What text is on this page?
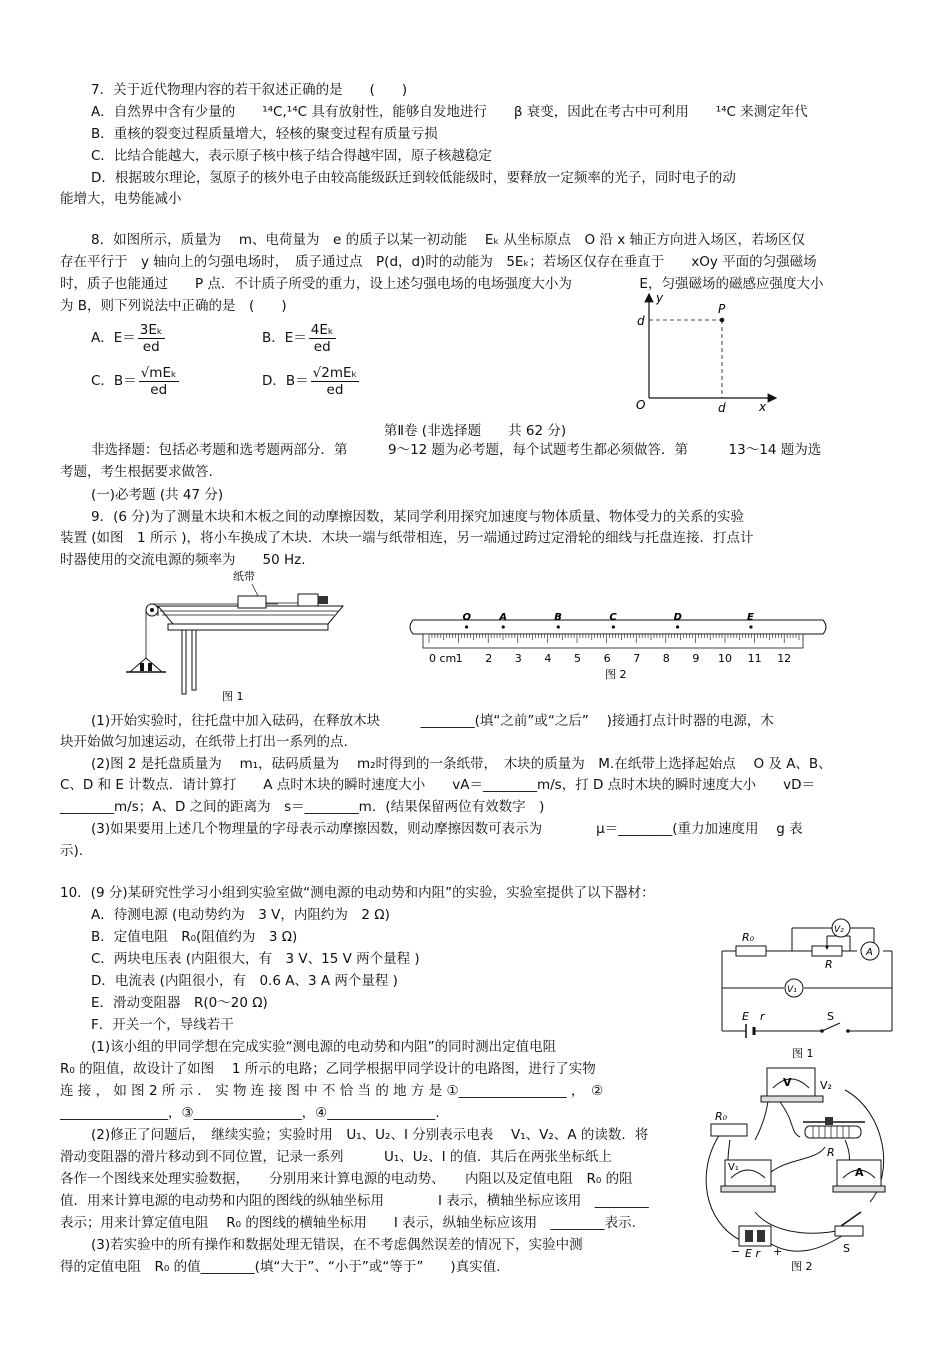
7．关于近代物理内容的若干叙述正确的是　　(　　)
A．自然界中含有少量的　　¹⁴C,¹⁴C 具有放射性，能够自发地进行　　β 衰变，因此在考古中可利用　　¹⁴C 来测定年代
B．重核的裂变过程质量增大，轻核的聚变过程有质量亏损
C．比结合能越大，表示原子核中核子结合得越牢固，原子核越稳定
D．根据玻尔理论，氢原子的核外电子由较高能级跃迁到较低能级时，要释放一定频率的光子，同时电子的动
能增大，电势能减小
8．如图所示，质量为　 m、电荷量为　e 的质子以某一初动能　 Eₖ 从坐标原点　O 沿 x 轴正方向进入场区，若场区仅
存在平行于　y 轴向上的匀强电场时，　质子通过点　P(d，d)时的动能为　5Eₖ；若场区仅存在垂直于　　xOy 平面的匀强磁场
时，质子也能通过　　P 点．不计质子所受的重力，设上述匀强电场的电场强度大小为　　　　　E，匀强磁场的磁感应强度大小
为 B，则下列说法中正确的是　(　　)
A．$E= \frac{\text{3Eₖ}}{ed}$	B．$E= \frac{\text{4Eₖ}}{ed}$
C．$B= \frac{\text{√mEₖ}}{ed}$	D．$B= \frac{\text{√2mEₖ}}{ed}$
y
P
d
O	d	x
第Ⅱ卷 (非选择题　　共 62 分)
非选择题：包括必考题和选考题两部分．第　　　9～12 题为必考题，每个试题考生都必须做答．第　　　13～14 题为选
考题，考生根据要求做答.
(一)必考题 (共 47 分)
9．(6 分)为了测量木块和木板之间的动摩擦因数，某同学利用探究加速度与物体质量、物体受力的关系的实验
装置 (如图　1 所示 )，将小车换成了木块．木块一端与纸带相连，另一端通过跨过定滑轮的细线与托盘连接．打点计
时器使用的交流电源的频率为　　50 Hz.
纸带
图 1
1 2 3 4 5 6 7 8 9 10 11 12
O	A	B	C	D	E
0 cm
图 2
(1)开始实验时，往托盘中加入砝码，在释放木块　　　________(填“之前”或“之后”　 )接通打点计时器的电源，木
块开始做匀加速运动，在纸带上打出一系列的点.
(2)图 2 是托盘质量为　 m₁，砝码质量为　 m₂时得到的一条纸带，　木块的质量为　M.在纸带上选择起始点　 O 及 A、B、
C、D 和 E 计数点．请计算打　　A 点时木块的瞬时速度大小　　vA＝________m/s，打 D 点时木块的瞬时速度大小　　vD＝
________m/s；A、D 之间的距离为　s＝________m．(结果保留两位有效数字　)
(3)如果要用上述几个物理量的字母表示动摩擦因数，则动摩擦因数可表示为　　　　μ＝________(重力加速度用　 g 表
示).
10．(9 分)某研究性学习小组到实验室做“测电源的电动势和内阻”的实验，实验室提供了以下器材：
A．待测电源 (电动势约为　3 V，内阻约为　2 Ω)
B．定值电阻　R₀(阻值约为　3 Ω)
C．两块电压表 (内阻很大，有　3 V、15 V 两个量程 )
D．电流表 (内阻很小，有　0.6 A、3 A 两个量程 )
E．滑动变阻器　R(0～20 Ω)
F．开关一个，导线若干
(1)该小组的甲同学想在完成实验“测电源的电动势和内阻”的同时测出定值电阻
R₀ 的阻值，故设计了如图　 1 所示的电路；乙同学根据甲同学设计的电路图，进行了实物
连 接 ， 如 图 2 所 示 ． 实 物 连 接 图 中 不 恰 当 的 地 方 是 ①________________ ，　②
________________，③________________，④________________.
(2)修正了问题后，　继续实验；实验时用　U₁、U₂、I 分别表示电表　 V₁、V₂、A 的读数．将
滑动变阻器的滑片移动到不同位置，记录一系列　　　U₁、U₂、I 的值．其后在两张坐标纸上
各作一个图线来处理实验数据，　　分别用来计算电源的电动势、　　内阻以及定值电阻　R₀ 的阻
值．用来计算电源的电动势和内阻的图线的纵轴坐标用　　　　I 表示，横轴坐标应该用　________
表示；用来计算定值电阻　 R₀ 的图线的横轴坐标用　　I 表示，纵轴坐标应该用　________表示.
(3)若实验中的所有操作和数据处理无错误，在不考虑偶然误差的情况下，实验中测
得的定值电阻　R₀ 的值________(填“大于”、“小于”或“等于”　　)真实值.
R₀
V₂
A
R
V₁
E r	S
图 1
V	V₂
R₀
R
V₁	A
−	+
E r	S
图 2
